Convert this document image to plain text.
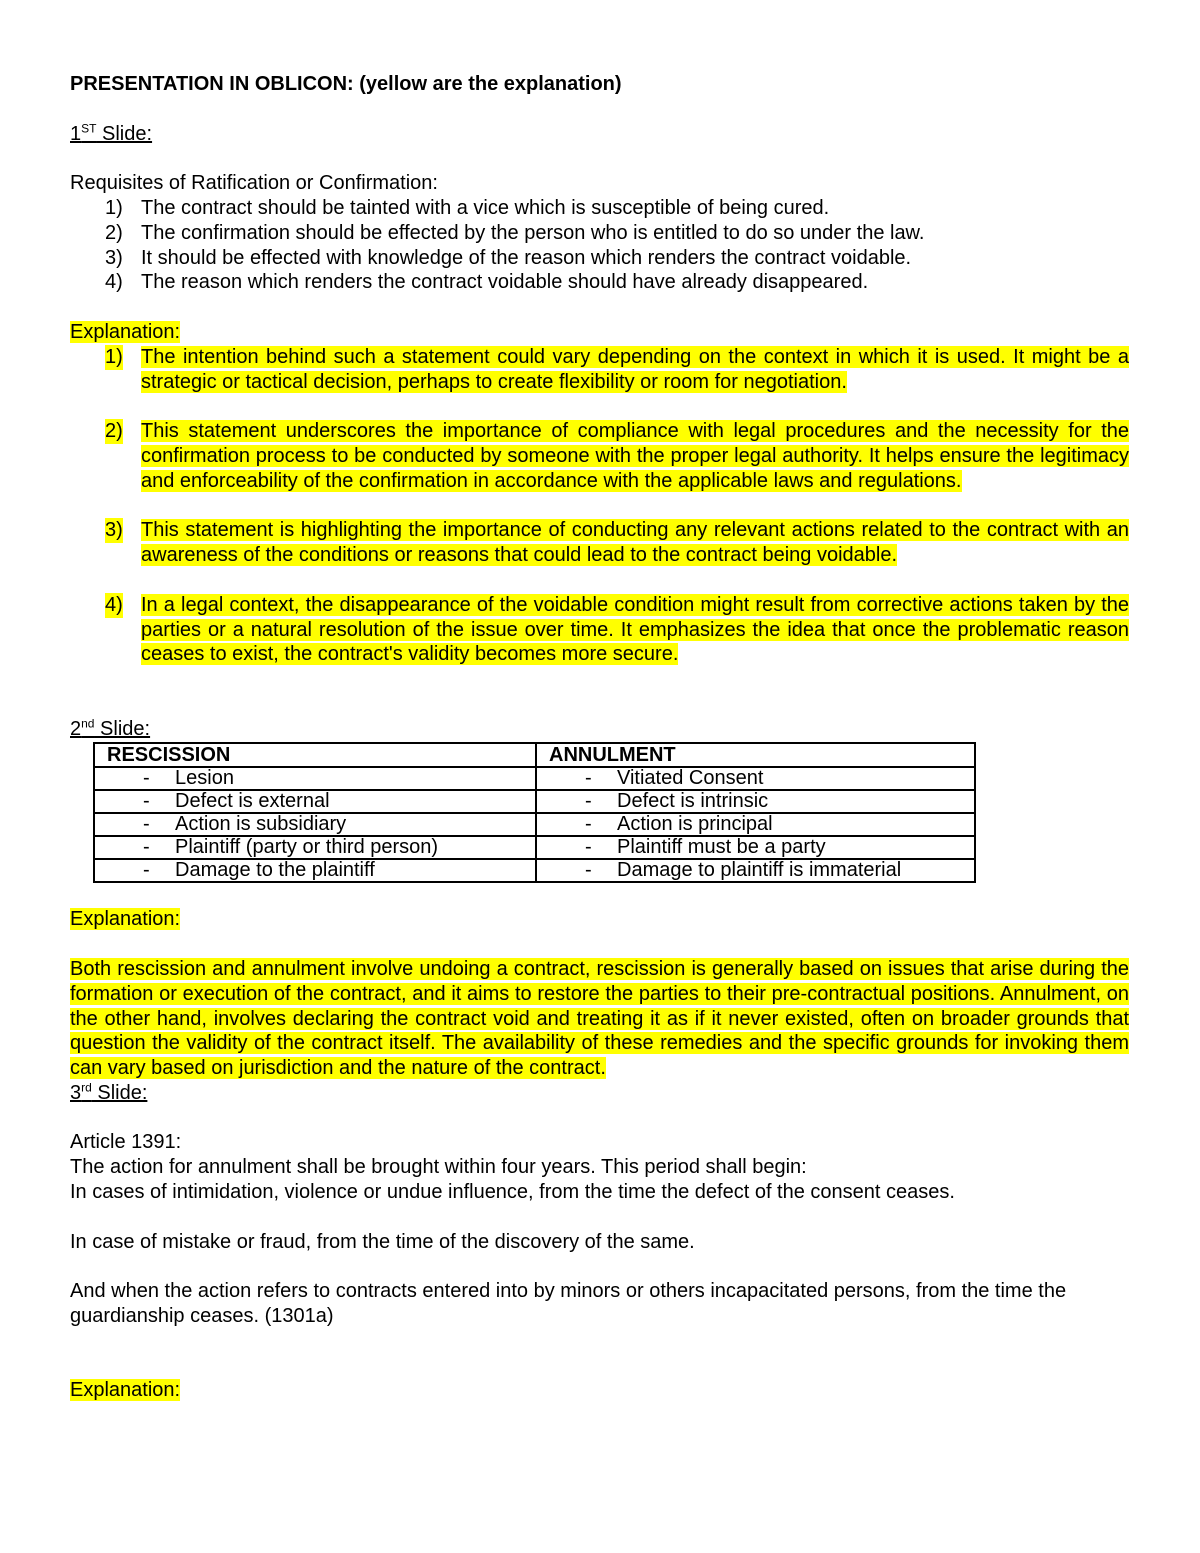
PRESENTATION IN OBLICON: (yellow are the explanation)

1ST Slide:

Requisites of Ratification or Confirmation:

1) The contract should be tainted with a vice which is susceptible of being cured.
2) The confirmation should be effected by the person who is entitled to do so under the law.
3) It should be effected with knowledge of the reason which renders the contract voidable.
4) The reason which renders the contract voidable should have already disappeared.

Explanation:

1) The intention behind such a statement could vary depending on the context in which it is used. It might be a strategic or tactical decision, perhaps to create flexibility or room for negotiation.
2) This statement underscores the importance of compliance with legal procedures and the necessity for the confirmation process to be conducted by someone with the proper legal authority. It helps ensure the legitimacy and enforceability of the confirmation in accordance with the applicable laws and regulations.
3) This statement is highlighting the importance of conducting any relevant actions related to the contract with an awareness of the conditions or reasons that could lead to the contract being voidable.
4) In a legal context, the disappearance of the voidable condition might result from corrective actions taken by the parties or a natural resolution of the issue over time. It emphasizes the idea that once the problematic reason ceases to exist, the contract's validity becomes more secure.

2nd Slide:

RESCISSION	ANNULMENT
- Lesion	- Vitiated Consent
- Defect is external	- Defect is intrinsic
- Action is subsidiary	- Action is principal
- Plaintiff (party or third person)	- Plaintiff must be a party
- Damage to the plaintiff	- Damage to plaintiff is immaterial

Explanation:

Both rescission and annulment involve undoing a contract, rescission is generally based on issues that arise during the formation or execution of the contract, and it aims to restore the parties to their pre-contractual positions. Annulment, on the other hand, involves declaring the contract void and treating it as if it never existed, often on broader grounds that question the validity of the contract itself. The availability of these remedies and the specific grounds for invoking them can vary based on jurisdiction and the nature of the contract.

3rd Slide:

Article 1391:

The action for annulment shall be brought within four years. This period shall begin:

In cases of intimidation, violence or undue influence, from the time the defect of the consent ceases.

In case of mistake or fraud, from the time of the discovery of the same.

And when the action refers to contracts entered into by minors or others incapacitated persons, from the time the guardianship ceases. (1301a)

Explanation:
